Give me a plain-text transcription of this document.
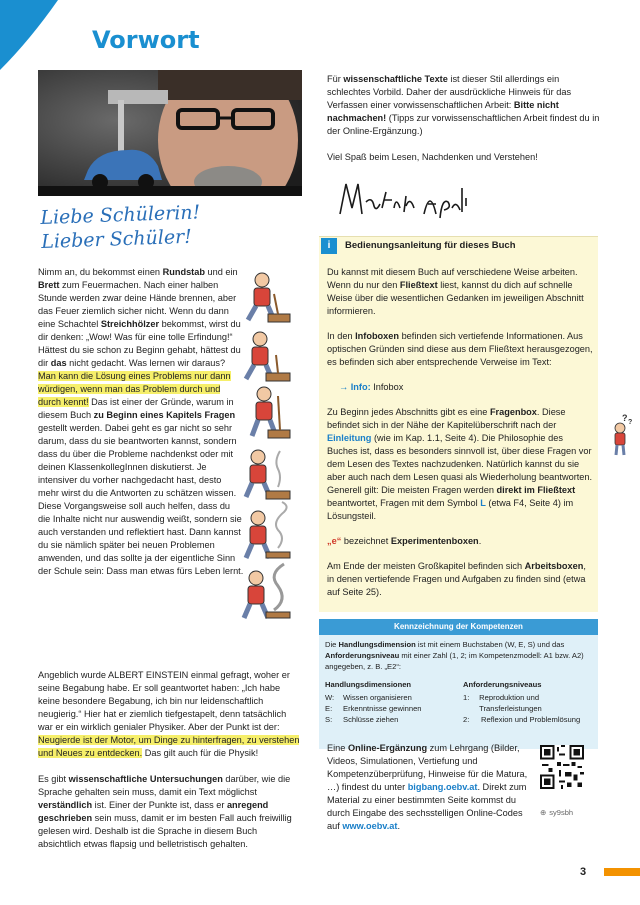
Vorwort
Liebe Schülerin!
Lieber Schüler!

Nimm an, du bekommst einen Rundstab und ein Brett zum Feuermachen. Nach einer halben Stunde werden zwar deine Hände brennen, aber das Feuer ziemlich sicher nicht. Wenn du dann eine Schachtel Streichhölzer bekommst, wirst du dir denken: „Wow! Was für eine tolle Erfindung!“ Hättest du sie schon zu Beginn gehabt, hättest du dir das nicht gedacht. Was lernen wir daraus? Man kann die Lösung eines Problems nur dann würdigen, wenn man das Problem durch und durch kennt! Das ist einer der Gründe, warum in diesem Buch zu Beginn eines Kapitels Fragen gestellt werden. Dabei geht es gar nicht so sehr darum, dass du sie beantworten kannst, sondern dass du über die Probleme nachdenkst oder mit deinen KlassenkollegInnen diskutierst. Je intensiver du vorher nachgedacht hast, desto mehr wirst du die Antworten zu schätzen wissen. Diese Vorgangsweise soll auch helfen, dass du die Inhalte nicht nur auswendig weißt, sondern sie auch verstanden und reflektiert hast. Dann kannst du sie nämlich später bei neuen Problemen anwenden, und das sollte ja der eigentliche Sinn der Schule sein: Dass man etwas fürs Leben lernt.

Angeblich wurde ALBERT EINSTEIN einmal gefragt, woher er seine Begabung habe. Er soll geantwortet haben: „Ich habe keine besondere Begabung, ich bin nur leidenschaftlich neugierig.“ Hier hat er ziemlich tiefgestapelt, denn tatsächlich war er ein wirklich genialer Physiker. Aber der Punkt ist der: Neugierde ist der Motor, um Dinge zu hinterfragen, zu verstehen und Neues zu entdecken. Das gilt auch für die Physik!

Es gibt wissenschaftliche Untersuchungen darüber, wie die Sprache gehalten sein muss, damit ein Text möglichst verständlich ist. Einer der Punkte ist, dass er anregend geschrieben sein muss, damit er im besten Fall auch freiwillig gelesen wird. Deshalb ist die Sprache in diesem Buch absichtlich etwas flapsig und belletristisch gehalten.

Für wissenschaftliche Texte ist dieser Stil allerdings ein schlechtes Vorbild. Daher der ausdrückliche Hinweis für das Verfassen einer vorwissenschaftlichen Arbeit: Bitte nicht nachmachen! (Tipps zur vorwissenschaftlichen Arbeit findest du in der Online-Ergänzung.)

Viel Spaß beim Lesen, Nachdenken und Verstehen!

i	Bedienungsanleitung für dieses Buch

Du kannst mit diesem Buch auf verschiedene Weise arbeiten. Wenn du nur den Fließtext liest, kannst du dich auf schnelle Weise über die wesentlichen Gedanken im jeweiligen Abschnitt informieren.

In den Infoboxen befinden sich vertiefende Informationen. Aus optischen Gründen sind diese aus dem Fließtext herausgezogen, es befinden sich aber entsprechende Verweise im Text:

→ Info: Infobox

Zu Beginn jedes Abschnitts gibt es eine Fragenbox. Diese befindet sich in der Nähe der Kapitelüberschrift nach der Einleitung (wie im Kap. 1.1, Seite 4). Die Philosophie des Buches ist, dass es besonders sinnvoll ist, über diese Fragen vor dem Lesen des Textes nachzudenken. Natürlich kannst du sie aber auch nach dem Lesen quasi als Wiederholung beantworten. Generell gilt: Die meisten Fragen werden direkt im Fließtext beantwortet, Fragen mit dem Symbol L (etwa F4, Seite 4) im Lösungsteil.

„e“ bezeichnet Experimentenboxen.

Am Ende der meisten Großkapitel befinden sich Arbeitsboxen, in denen vertiefende Fragen und Aufgaben zu finden sind (etwa auf Seite 25).

? ?
Kennzeichnung der Kompetenzen
Die Handlungsdimension ist mit einem Buchstaben (W, E, S) und das Anforderungsniveau mit einer Zahl (1, 2; im Kompetenzmodell: A1 bzw. A2) angegeben, z. B. „E2“:
Handlungsdimensionen
W:	Wissen organisieren
E:	Erkenntnisse gewinnen
S:	Schlüsse ziehen
Anforderungsniveaus
1:	Reproduktion und Transferleistungen
2:	Reflexion und Problemlösung
Eine Online-Ergänzung zum Lehrgang (Bilder, Videos, Simulationen, Vertiefung und Kompetenzüberprüfung, Hinweise für die Matura, …) findest du unter bigbang.oebv.at. Direkt zum Material zu einer bestimmten Seite kommst du durch Eingabe des sechsstelligen Online-Codes auf www.oebv.at.
⊕ sy9sbh
3
